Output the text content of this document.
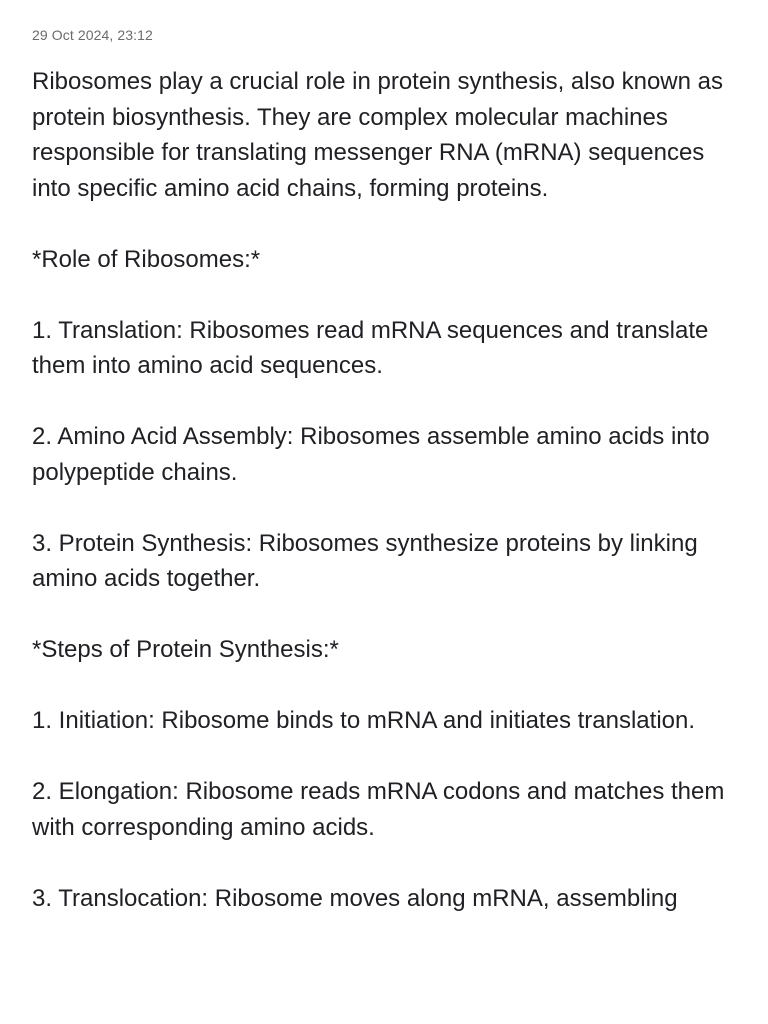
29 Oct 2024, 23:12

Ribosomes play a crucial role in protein synthesis, also known as protein biosynthesis. They are complex molecular machines responsible for translating messenger RNA (mRNA) sequences into specific amino acid chains, forming proteins.

*Role of Ribosomes:*

1. Translation: Ribosomes read mRNA sequences and translate them into amino acid sequences.

2. Amino Acid Assembly: Ribosomes assemble amino acids into polypeptide chains.

3. Protein Synthesis: Ribosomes synthesize proteins by linking amino acids together.

*Steps of Protein Synthesis:*

1. Initiation: Ribosome binds to mRNA and initiates translation.

2. Elongation: Ribosome reads mRNA codons and matches them with corresponding amino acids.

3. Translocation: Ribosome moves along mRNA, assembling
